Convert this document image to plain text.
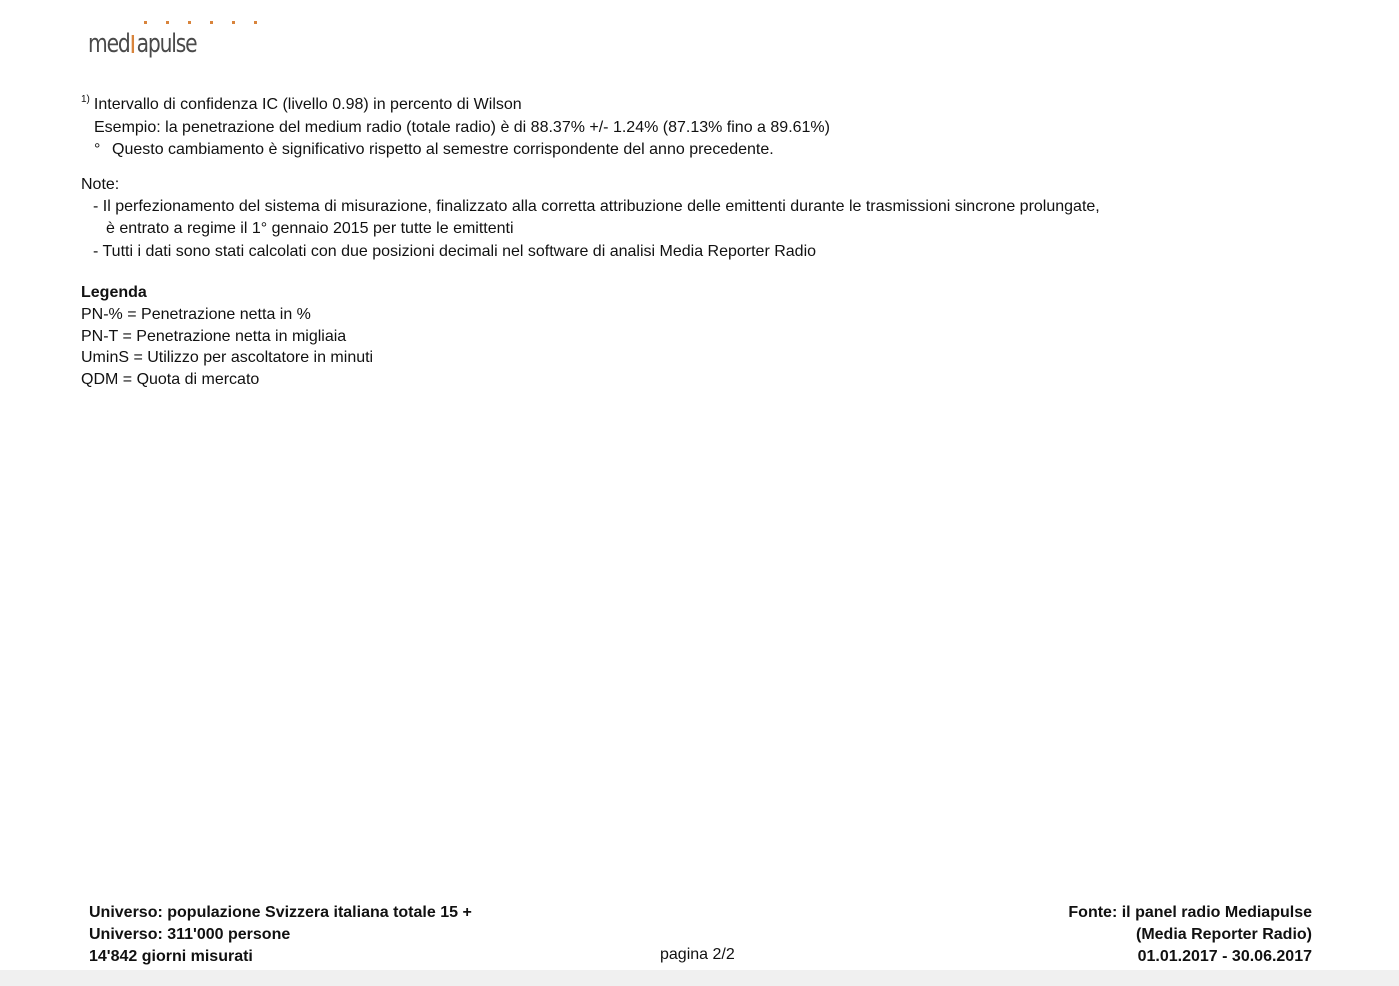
med apulse
$^{1)}$ Intervallo di confidenza IC (livello 0.98) in percento di Wilson
Esempio: la penetrazione del medium radio (totale radio) è di 88.37% +/- 1.24% (87.13% fino a 89.61%)
° Questo cambiamento è significativo rispetto al semestre corrispondente del anno precedente.
Note:
- Il perfezionamento del sistema di misurazione, finalizzato alla corretta attribuzione delle emittenti durante le trasmissioni sincrone prolungate,
è entrato a regime il 1° gennaio 2015 per tutte le emittenti
- Tutti i dati sono stati calcolati con due posizioni decimali nel software di analisi Media Reporter Radio
Legenda
PN-% = Penetrazione netta in %
PN-T = Penetrazione netta in migliaia
UminS = Utilizzo per ascoltatore in minuti
QDM = Quota di mercato
Universo: populazione Svizzera italiana totale 15 +
Universo: 311'000 persone
14'842 giorni misurati	pagina 2/2
Fonte: il panel radio Mediapulse
(Media Reporter Radio)
01.01.2017 - 30.06.2017
